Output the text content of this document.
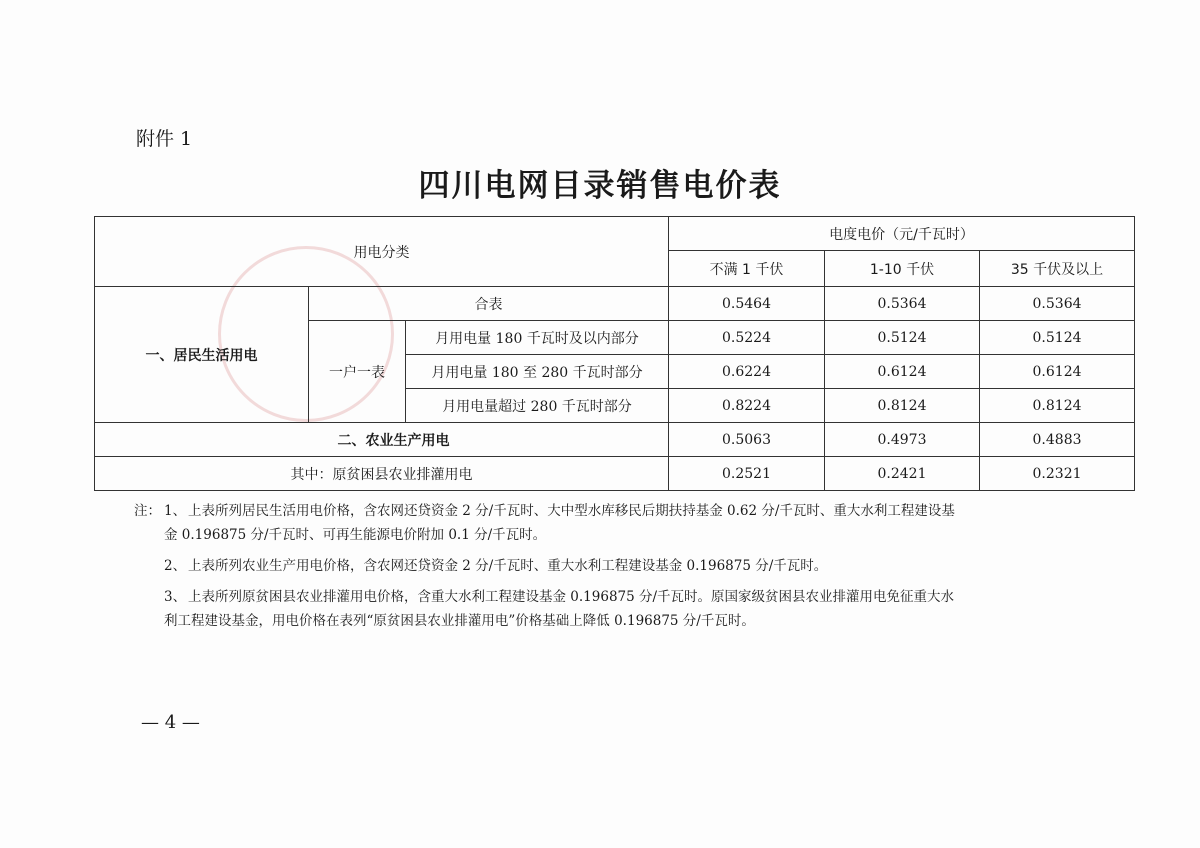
附件 1
四川电网目录销售电价表
用电分类			电度电价（元/千瓦时）		
			不满 1 千伏	1-10 千伏	35 千伏及以上
一、居民生活用电	合表		0.5464	0.5364	0.5364
	一户一表	月用电量 180 千瓦时及以内部分	0.5224	0.5124	0.5124
		月用电量 180 至 280 千瓦时部分	0.6224	0.6124	0.6124
		月用电量超过 280 千瓦时部分	0.8224	0.8124	0.8124
二、农业生产用电			0.5063	0.4973	0.4883
其中：原贫困县农业排灌用电			0.2521	0.2421	0.2321
注： 1、 上表所列居民生活用电价格，含农网还贷资金 2 分/千瓦时、大中型水库移民后期扶持基金 0.62 分/千瓦时、重大水利工程建设基
金 0.196875 分/千瓦时、可再生能源电价附加 0.1 分/千瓦时。
2、 上表所列农业生产用电价格，含农网还贷资金 2 分/千瓦时、重大水利工程建设基金 0.196875 分/千瓦时。
3、 上表所列原贫困县农业排灌用电价格，含重大水利工程建设基金 0.196875 分/千瓦时。原国家级贫困县农业排灌用电免征重大水
利工程建设基金，用电价格在表列“原贫困县农业排灌用电”价格基础上降低 0.196875 分/千瓦时。
— 4 —
